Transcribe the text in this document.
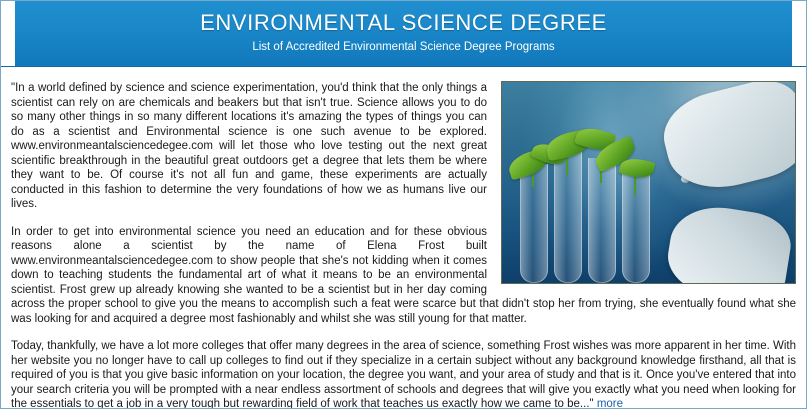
ENVIRONMENTAL SCIENCE DEGREE

List of Accredited Environmental Science Degree Programs

"In a world defined by science and science experimentation, you'd think that the only things a scientist can rely on are chemicals and beakers but that isn't true. Science allows you to do so many other things in so many different locations it's amazing the types of things you can do as a scientist and Environmental science is one such avenue to be explored. www.environmeantalsciencedegee.com will let those who love testing out the next great scientific breakthrough in the beautiful great outdoors get a degree that lets them be where they want to be. Of course it's not all fun and game, these experiments are actually conducted in this fashion to determine the very foundations of how we as humans live our lives.

In order to get into environmental science you need an education and for these obvious reasons alone a scientist by the name of Elena Frost built www.environmeantalsciencedegee.com to show people that she's not kidding when it comes down to teaching students the fundamental art of what it means to be an environmental scientist. Frost grew up already knowing she wanted to be a scientist but in her day coming across the proper school to give you the means to accomplish such a feat were scarce but that didn't stop her from trying, she eventually found what she was looking for and acquired a degree most fashionably and whilst she was still young for that matter.

Today, thankfully, we have a lot more colleges that offer many degrees in the area of science, something Frost wishes was more apparent in her time. With her website you no longer have to call up colleges to find out if they specialize in a certain subject without any background knowledge firsthand, all that is required of you is that you give basic information on your location, the degree you want, and your area of study and that is it. Once you've entered that into your search criteria you will be prompted with a near endless assortment of schools and degrees that will give you exactly what you need when looking for the essentials to get a job in a very tough but rewarding field of work that teaches us exactly how we came to be..." more
